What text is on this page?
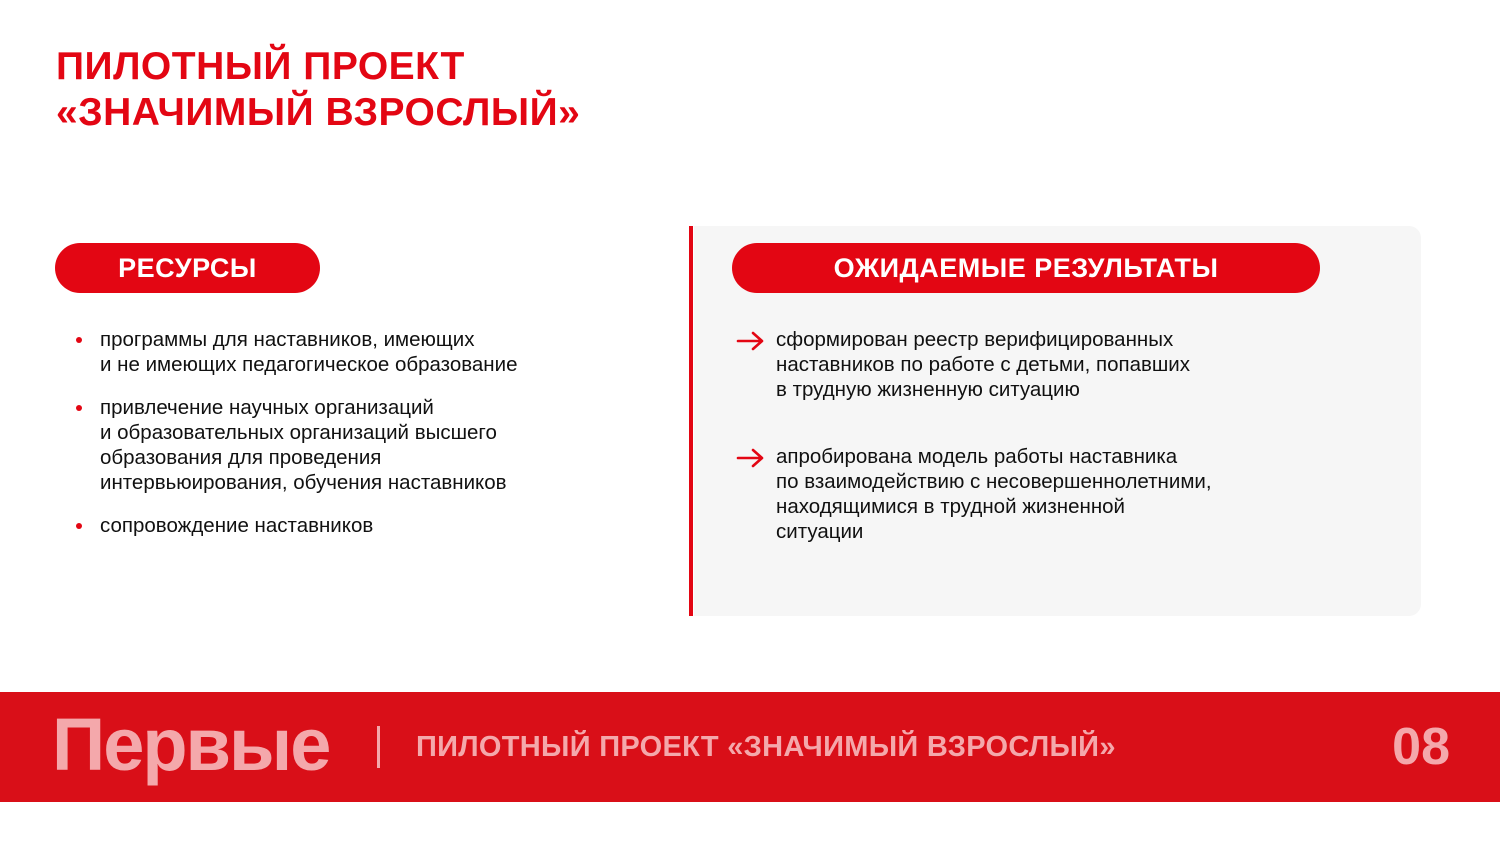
ПИЛОТНЫЙ ПРОЕКТ
«ЗНАЧИМЫЙ ВЗРОСЛЫЙ»
РЕСУРСЫ	ОЖИДАЕМЫЕ РЕЗУЛЬТАТЫ
программы для наставников, имеющих
и не имеющих педагогическое образование
привлечение научных организаций
и образовательных организаций высшего
образования для проведения
интервьюирования, обучения наставников
сопровождение наставников
сформирован реестр верифицированных
наставников по работе с детьми, попавших
в трудную жизненную ситуацию
апробирована модель работы наставника
по взаимодействию с несовершеннолетними,
находящимися в трудной жизненной
ситуации
Первые	ПИЛОТНЫЙ ПРОЕКТ «ЗНАЧИМЫЙ ВЗРОСЛЫЙ»	08
